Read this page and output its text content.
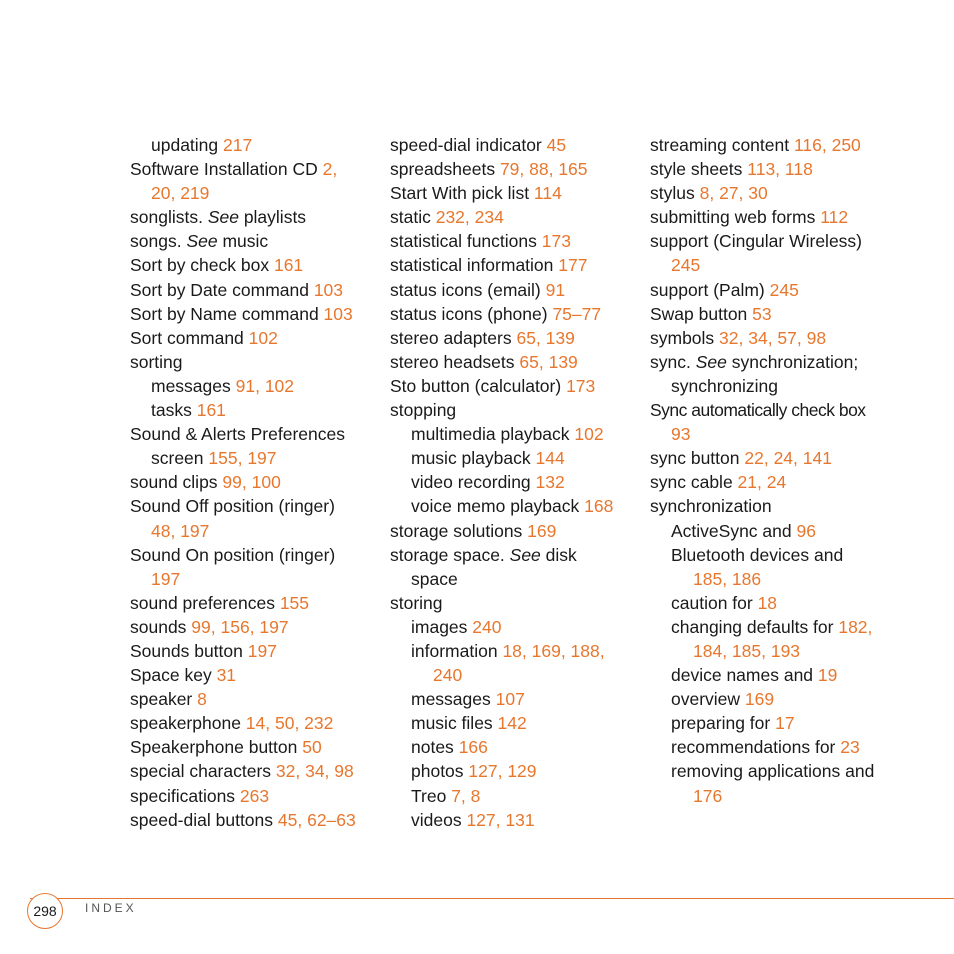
updating 217
Software Installation CD 2,
20, 219
songlists. See playlists
songs. See music
Sort by check box 161
Sort by Date command 103
Sort by Name command 103
Sort command 102
sorting
messages 91, 102
tasks 161
Sound & Alerts Preferences
screen 155, 197
sound clips 99, 100
Sound Off position (ringer)
48, 197
Sound On position (ringer)
197
sound preferences 155
sounds 99, 156, 197
Sounds button 197
Space key 31
speaker 8
speakerphone 14, 50, 232
Speakerphone button 50
special characters 32, 34, 98
specifications 263
speed-dial buttons 45, 62–63
speed-dial indicator 45
spreadsheets 79, 88, 165
Start With pick list 114
static 232, 234
statistical functions 173
statistical information 177
status icons (email) 91
status icons (phone) 75–77
stereo adapters 65, 139
stereo headsets 65, 139
Sto button (calculator) 173
stopping
multimedia playback 102
music playback 144
video recording 132
voice memo playback 168
storage solutions 169
storage space. See disk
space
storing
images 240
information 18, 169, 188,
240
messages 107
music files 142
notes 166
photos 127, 129
Treo 7, 8
videos 127, 131
streaming content 116, 250
style sheets 113, 118
stylus 8, 27, 30
submitting web forms 112
support (Cingular Wireless)
245
support (Palm) 245
Swap button 53
symbols 32, 34, 57, 98
sync. See synchronization;
synchronizing
Sync automatically check box
93
sync button 22, 24, 141
sync cable 21, 24
synchronization
ActiveSync and 96
Bluetooth devices and
185, 186
caution for 18
changing defaults for 182,
184, 185, 193
device names and 19
overview 169
preparing for 17
recommendations for 23
removing applications and
176
298	INDEX
